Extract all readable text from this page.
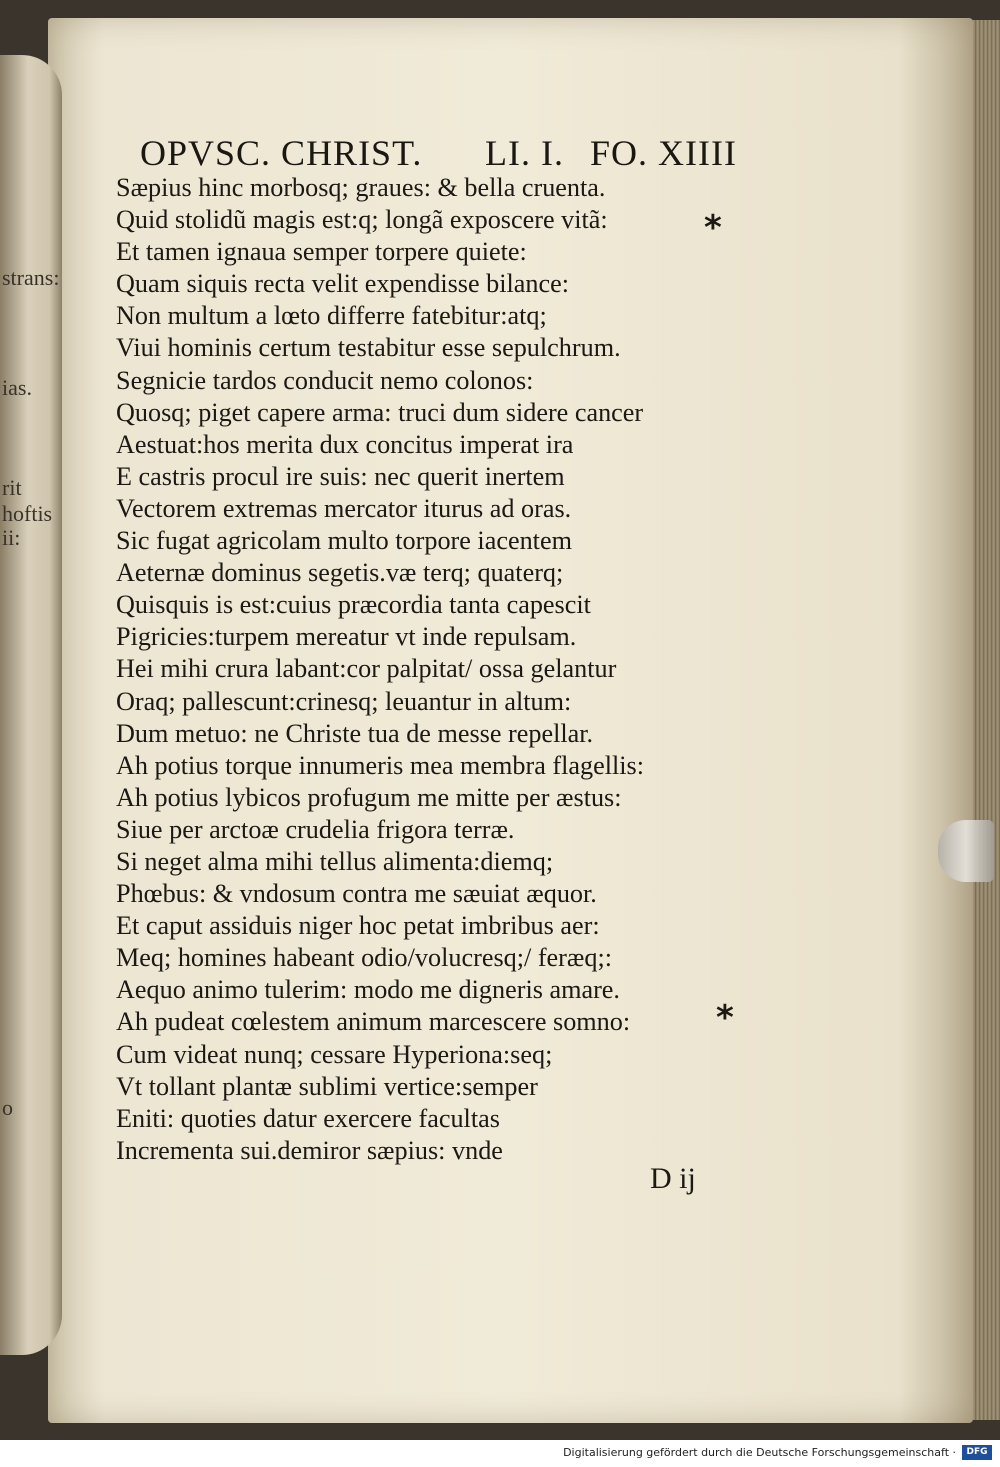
strans:
ias.
rit hoftis
ii:
o
OPVSC. CHRIST. LI. I. FO. XIIII
Sæpius hinc morbosq; graues: & bella cruenta.
Quid stolidũ magis est:q; longã exposcere vitã:
Et tamen ignaua semper torpere quiete:
Quam siquis recta velit expendisse bilance:
Non multum a lœto differre fatebitur:atq;
Viui hominis certum testabitur esse sepulchrum.
Segnicie tardos conducit nemo colonos:
Quosq; piget capere arma: truci dum sidere cancer
Aestuat:hos merita dux concitus imperat ira
E castris procul ire suis: nec querit inertem
Vectorem extremas mercator iturus ad oras.
Sic fugat agricolam multo torpore iacentem
Aeternæ dominus segetis.væ terq; quaterq;
Quisquis is est:cuius præcordia tanta capescit
Pigricies:turpem mereatur vt inde repulsam.
Hei mihi crura labant:cor palpitat/ ossa gelantur
Oraq; pallescunt:crinesq; leuantur in altum:
Dum metuo: ne Christe tua de messe repellar.
Ah potius torque innumeris mea membra flagellis:
Ah potius lybicos profugum me mitte per æstus:
Siue per arctoæ crudelia frigora terræ.
Si neget alma mihi tellus alimenta:diemq;
Phœbus: & vndosum contra me sæuiat æquor.
Et caput assiduis niger hoc petat imbribus aer:
Meq; homines habeant odio/volucresq;/ feræq;:
Aequo animo tulerim: modo me digneris amare.
Ah pudeat cœlestem animum marcescere somno:
Cum videat nunq; cessare Hyperiona:seq;
Vt tollant plantæ sublimi vertice:semper
Eniti: quoties datur exercere facultas
Incrementa sui.demiror sæpius: vnde
*
*
D ij
Digitalisierung gefördert durch die Deutsche Forschungsgemeinschaft ·	DFG
